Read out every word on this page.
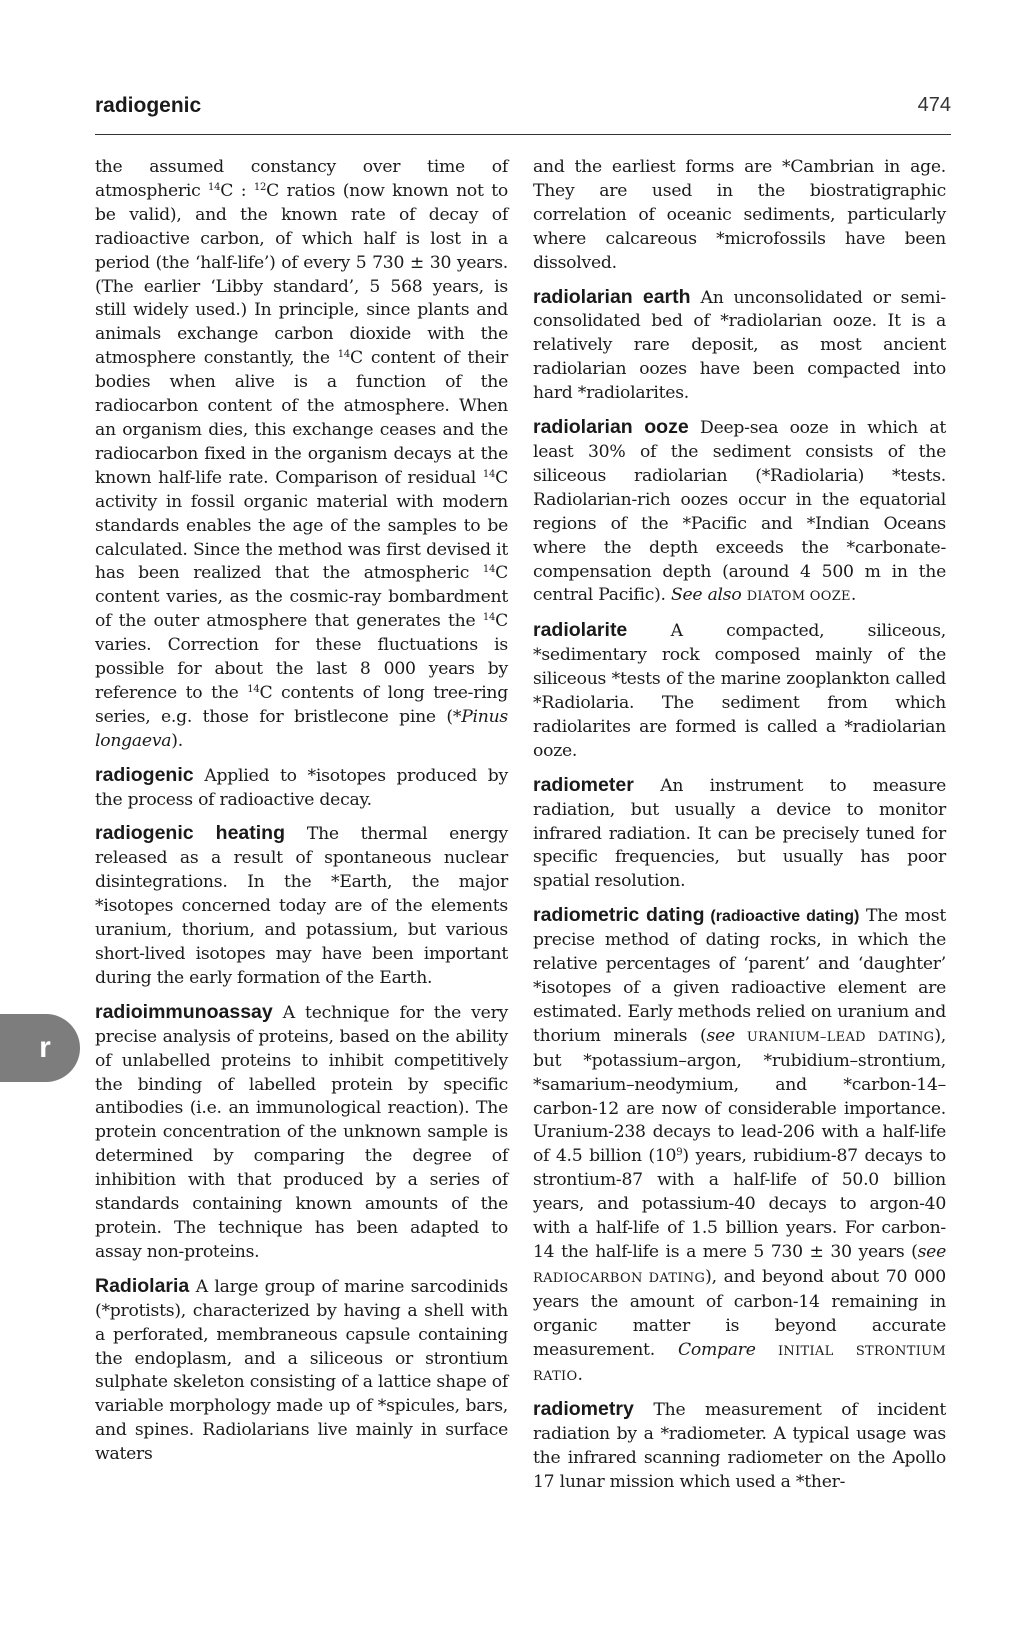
radiogenic	474
r

the assumed constancy over time of atmospheric $^{14}$C : $^{12}$C ratios (now known not to be valid), and the known rate of decay of radioactive carbon, of which half is lost in a period (the ‘half-life’) of every 5 730 ± 30 years. (The earlier ‘Libby standard’, 5 568 years, is still widely used.) In principle, since plants and animals exchange carbon dioxide with the atmosphere constantly, the $^{14}$C content of their bodies when alive is a function of the radiocarbon content of the atmosphere. When an organism dies, this exchange ceases and the radiocarbon fixed in the organism decays at the known half-life rate. Comparison of residual $^{14}$C activity in fossil organic material with modern standards enables the age of the samples to be calculated. Since the method was first devised it has been realized that the atmospheric $^{14}$C content varies, as the cosmic-ray bombardment of the outer atmosphere that generates the $^{14}$C varies. Correction for these fluctuations is possible for about the last 8 000 years by reference to the $^{14}$C contents of long tree-ring series, e.g. those for bristlecone pine (*Pinus longaeva).

radiogenic Applied to *isotopes produced by the process of radioactive decay.

radiogenic heating The thermal energy released as a result of spontaneous nuclear disintegrations. In the *Earth, the major *isotopes concerned today are of the elements uranium, thorium, and potassium, but various short-lived isotopes may have been important during the early formation of the Earth.

radioimmunoassay A technique for the very precise analysis of proteins, based on the ability of unlabelled proteins to inhibit competitively the binding of labelled protein by specific antibodies (i.e. an immunological reaction). The protein concentration of the unknown sample is determined by comparing the degree of inhibition with that produced by a series of standards containing known amounts of the protein. The technique has been adapted to assay non-proteins.

Radiolaria A large group of marine sarcodinids (*protists), characterized by having a shell with a perforated, membraneous capsule containing the endoplasm, and a siliceous or strontium sulphate skeleton consisting of a lattice shape of variable morphology made up of *spicules, bars, and spines. Radiolarians live mainly in surface waters

and the earliest forms are *Cambrian in age. They are used in the biostratigraphic correlation of oceanic sediments, particularly where calcareous *microfossils have been dissolved.

radiolarian earth An unconsolidated or semi-consolidated bed of *radiolarian ooze. It is a relatively rare deposit, as most ancient radiolarian oozes have been compacted into hard *radiolarites.

radiolarian ooze Deep-sea ooze in which at least 30% of the sediment consists of the siliceous radiolarian (*Radiolaria) *tests. Radiolarian-rich oozes occur in the equatorial regions of the *Pacific and *Indian Oceans where the depth exceeds the *carbonate-compensation depth (around 4 500 m in the central Pacific). See also DIATOM OOZE.

radiolarite A compacted, siliceous, *sedimentary rock composed mainly of the siliceous *tests of the marine zooplankton called *Radiolaria. The sediment from which radiolarites are formed is called a *radiolarian ooze.

radiometer An instrument to measure radiation, but usually a device to monitor infrared radiation. It can be precisely tuned for specific frequencies, but usually has poor spatial resolution.

radiometric dating (radioactive dating) The most precise method of dating rocks, in which the relative percentages of ‘parent’ and ‘daughter’ *isotopes of a given radioactive element are estimated. Early methods relied on uranium and thorium minerals (see URANIUM–LEAD DATING), but *potassium–argon, *rubidium–strontium, *samarium–neodymium, and *carbon-14–carbon-12 are now of considerable importance. Uranium-238 decays to lead-206 with a half-life of 4.5 billion $(10^9)$ years, rubidium-87 decays to strontium-87 with a half-life of 50.0 billion years, and potassium-40 decays to argon-40 with a half-life of 1.5 billion years. For carbon-14 the half-life is a mere 5 730 ± 30 years (see RADIOCARBON DATING), and beyond about 70 000 years the amount of carbon-14 remaining in organic matter is beyond accurate measurement. Compare INITIAL STRONTIUM RATIO.

radiometry The measurement of incident radiation by a *radiometer. A typical usage was the infrared scanning radiometer on the Apollo 17 lunar mission which used a *ther-
